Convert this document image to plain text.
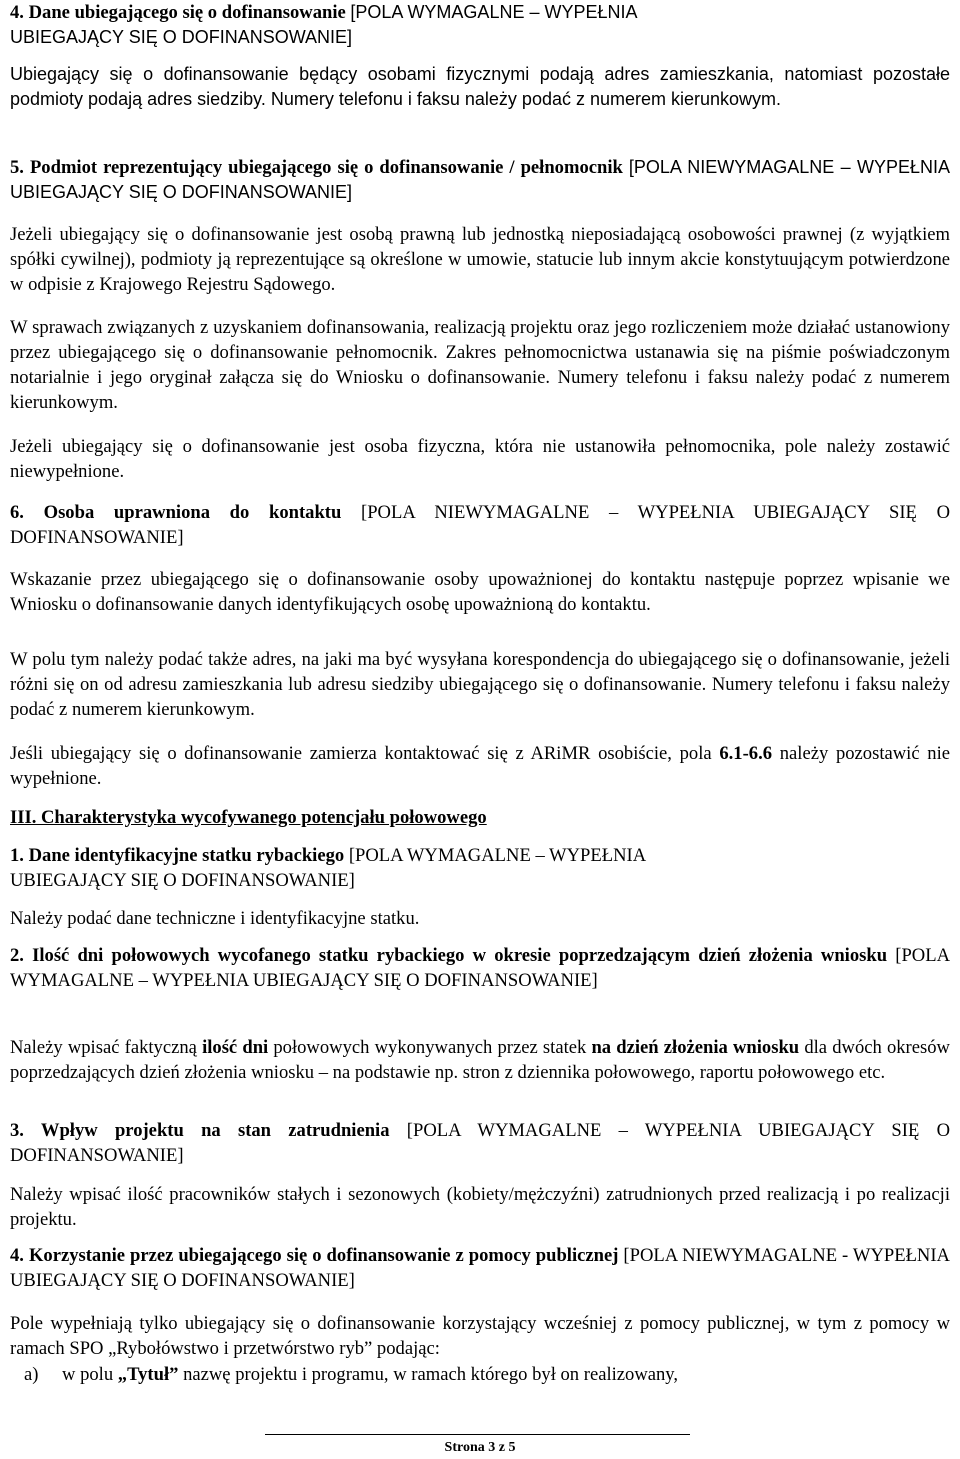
4. Dane ubiegającego się o dofinansowanie [POLA WYMAGALNE – WYPEŁNIA
UBIEGAJĄCY SIĘ O DOFINANSOWANIE]

Ubiegający się o dofinansowanie będący osobami fizycznymi podają adres zamieszkania, natomiast pozostałe podmioty podają adres siedziby. Numery telefonu i faksu należy podać z numerem kierunkowym.

5. Podmiot reprezentujący ubiegającego się o dofinansowanie / pełnomocnik [POLA NIEWYMAGALNE – WYPEŁNIA UBIEGAJĄCY SIĘ O DOFINANSOWANIE]

Jeżeli ubiegający się o dofinansowanie jest osobą prawną lub jednostką nieposiadającą osobowości prawnej (z wyjątkiem spółki cywilnej), podmioty ją reprezentujące są określone w umowie, statucie lub innym akcie konstytuującym potwierdzone w odpisie z Krajowego Rejestru Sądowego.

W sprawach związanych z uzyskaniem dofinansowania, realizacją projektu oraz jego rozliczeniem może działać ustanowiony przez ubiegającego się o dofinansowanie pełnomocnik. Zakres pełnomocnictwa ustanawia się na piśmie poświadczonym notarialnie i jego oryginał załącza się do Wniosku o dofinansowanie. Numery telefonu i faksu należy podać z numerem kierunkowym.

Jeżeli ubiegający się o dofinansowanie jest osoba fizyczna, która nie ustanowiła pełnomocnika, pole należy zostawić niewypełnione.

6. Osoba uprawniona do kontaktu [POLA NIEWYMAGALNE – WYPEŁNIA UBIEGAJĄCY SIĘ O DOFINANSOWANIE]

Wskazanie przez ubiegającego się o dofinansowanie osoby upoważnionej do kontaktu następuje poprzez wpisanie we Wniosku o dofinansowanie danych identyfikujących osobę upoważnioną do kontaktu.

W polu tym należy podać także adres, na jaki ma być wysyłana korespondencja do ubiegającego się o dofinansowanie, jeżeli różni się on od adresu zamieszkania lub adresu siedziby ubiegającego się o dofinansowanie. Numery telefonu i faksu należy podać z numerem kierunkowym.

Jeśli ubiegający się o dofinansowanie zamierza kontaktować się z ARiMR osobiście, pola 6.1-6.6 należy pozostawić nie wypełnione.

III. Charakterystyka wycofywanego potencjału połowowego

1. Dane identyfikacyjne statku rybackiego [POLA WYMAGALNE – WYPEŁNIA
UBIEGAJĄCY SIĘ O DOFINANSOWANIE]

Należy podać dane techniczne i identyfikacyjne statku.

2. Ilość dni połowowych wycofanego statku rybackiego w okresie poprzedzającym dzień złożenia wniosku [POLA WYMAGALNE – WYPEŁNIA UBIEGAJĄCY SIĘ O DOFINANSOWANIE]

Należy wpisać faktyczną ilość dni połowowych wykonywanych przez statek na dzień złożenia wniosku dla dwóch okresów poprzedzających dzień złożenia wniosku – na podstawie np. stron z dziennika połowowego, raportu połowowego etc.

3. Wpływ projektu na stan zatrudnienia [POLA WYMAGALNE – WYPEŁNIA UBIEGAJĄCY SIĘ O DOFINANSOWANIE]

Należy wpisać ilość pracowników stałych i sezonowych (kobiety/mężczyźni) zatrudnionych przed realizacją i po realizacji projektu.

4. Korzystanie przez ubiegającego się o dofinansowanie z pomocy publicznej [POLA NIEWYMAGALNE - WYPEŁNIA UBIEGAJĄCY SIĘ O DOFINANSOWANIE]

Pole wypełniają tylko ubiegający się o dofinansowanie korzystający wcześniej z pomocy publicznej, w tym z pomocy w ramach SPO „Rybołówstwo i przetwórstwo ryb” podając:

a)	w polu „Tytuł” nazwę projektu i programu, w ramach którego był on realizowany,
Strona 3 z 5
